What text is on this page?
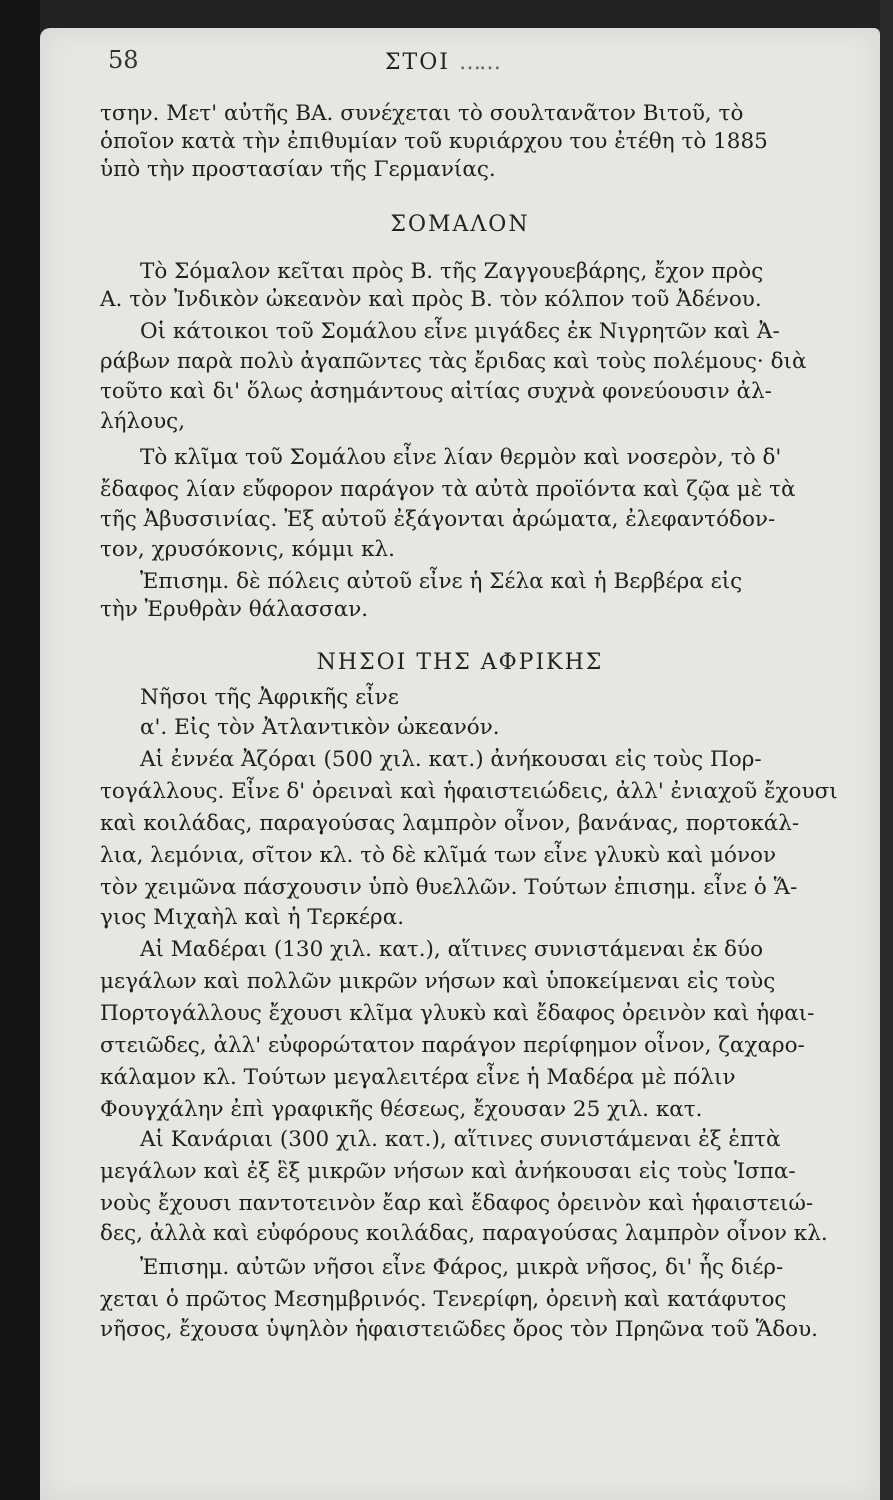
58	ΣΤΟΙ ……
τσην. Μετ' αὐτῆς ΒΑ. συνέχεται τὸ σουλτανᾶτον Βιτοῦ, τὸ
ὁποῖον κατὰ τὴν ἐπιθυμίαν τοῦ κυριάρχου του ἐτέθη τὸ 1885
ὑπὸ τὴν προστασίαν τῆς Γερμανίας.
ΣΟΜΑΛΟΝ
Τὸ Σόμαλον κεῖται πρὸς Β. τῆς Ζαγγουεβάρης, ἔχον πρὸς
Α. τὸν Ἰνδικὸν ὠκεανὸν καὶ πρὸς Β. τὸν κόλπον τοῦ Ἀδένου.
Οἱ κάτοικοι τοῦ Σομάλου εἶνε μιγάδες ἐκ Νιγρητῶν καὶ Ἀ-
ράβων παρὰ πολὺ ἀγαπῶντες τὰς ἔριδας καὶ τοὺς πολέμους· διὰ
τοῦτο καὶ δι' ὅλως ἀσημάντους αἰτίας συχνὰ φονεύουσιν ἀλ-
λήλους,
Τὸ κλῖμα τοῦ Σομάλου εἶνε λίαν θερμὸν καὶ νοσερὸν, τὸ δ'
ἔδαφος λίαν εὔφορον παράγον τὰ αὐτὰ προϊόντα καὶ ζῷα μὲ τὰ
τῆς Ἀβυσσινίας. Ἐξ αὐτοῦ ἐξάγονται ἀρώματα, ἐλεφαντόδον-
τον, χρυσόκονις, κόμμι κλ.
Ἐπισημ. δὲ πόλεις αὐτοῦ εἶνε ἡ Σέλα καὶ ἡ Βερβέρα εἰς
τὴν Ἐρυθρὰν θάλασσαν.
ΝΗΣΟΙ ΤΗΣ ΑΦΡΙΚΗΣ
Νῆσοι τῆς Ἀφρικῆς εἶνε
α'. Εἰς τὸν Ἀτλαντικὸν ὠκεανόν.
Αἱ ἐννέα Ἀζόραι (500 χιλ. κατ.) ἀνήκουσαι εἰς τοὺς Πορ-
τογάλλους. Εἶνε δ' ὀρειναὶ καὶ ἡφαιστειώδεις, ἀλλ' ἐνιαχοῦ ἔχουσι
καὶ κοιλάδας, παραγούσας λαμπρὸν οἶνον, βανάνας, πορτοκάλ-
λια, λεμόνια, σῖτον κλ. τὸ δὲ κλῖμά των εἶνε γλυκὺ καὶ μόνον
τὸν χειμῶνα πάσχουσιν ὑπὸ θυελλῶν. Τούτων ἐπισημ. εἶνε ὁ Ἅ-
γιος Μιχαὴλ καὶ ἡ Τερκέρα.
Αἱ Μαδέραι (130 χιλ. κατ.), αἵτινες συνιστάμεναι ἐκ δύο
μεγάλων καὶ πολλῶν μικρῶν νήσων καὶ ὑποκείμεναι εἰς τοὺς
Πορτογάλλους ἔχουσι κλῖμα γλυκὺ καὶ ἔδαφος ὀρεινὸν καὶ ἡφαι-
στειῶδες, ἀλλ' εὐφορώτατον παράγον περίφημον οἶνον, ζαχαρο-
κάλαμον κλ. Τούτων μεγαλειτέρα εἶνε ἡ Μαδέρα μὲ πόλιν
Φουγχάλην ἐπὶ γραφικῆς θέσεως, ἔχουσαν 25 χιλ. κατ.
Αἱ Κανάριαι (300 χιλ. κατ.), αἵτινες συνιστάμεναι ἐξ ἑπτὰ
μεγάλων καὶ ἐξ ἓξ μικρῶν νήσων καὶ ἀνήκουσαι εἰς τοὺς Ἱσπα-
νοὺς ἔχουσι παντοτεινὸν ἔαρ καὶ ἔδαφος ὀρεινὸν καὶ ἡφαιστειώ-
δες, ἀλλὰ καὶ εὐφόρους κοιλάδας, παραγούσας λαμπρὸν οἶνον κλ.
Ἐπισημ. αὐτῶν νῆσοι εἶνε Φάρος, μικρὰ νῆσος, δι' ἧς διέρ-
χεται ὁ πρῶτος Μεσημβρινός. Τενερίφη, ὀρεινὴ καὶ κατάφυτος
νῆσος, ἔχουσα ὑψηλὸν ἡφαιστειῶδες ὄρος τὸν Πρηῶνα τοῦ Ἅδου.
